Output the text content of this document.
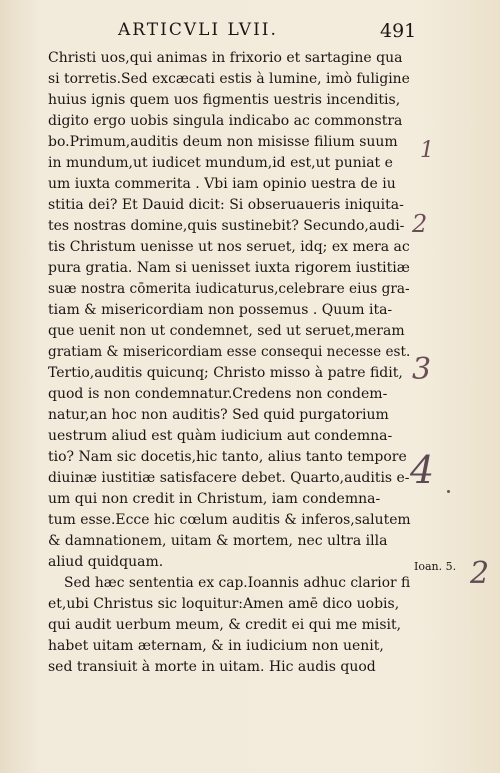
ARTICVLI LVII.	491
Christi uos,qui animas in frixorio et sartagine qua
si torretis.Sed excæcati estis à lumine, imò fuligine
huius ignis quem uos figmentis uestris incenditis,
digito ergo uobis singula indicabo ac commonstra
bo.Primum,auditis deum non misisse filium suum
in mundum,ut iudicet mundum,id est,ut puniat e
um iuxta commerita . Vbi iam opinio uestra de iu
stitia dei? Et Dauid dicit: Si obseruaueris iniquita-
tes nostras domine,quis sustinebit? Secundo,audi-
tis Christum uenisse ut nos seruet, idq; ex mera ac
pura gratia. Nam si uenisset iuxta rigorem iustitiæ
suæ nostra cōmerita iudicaturus,celebrare eius gra-
tiam & misericordiam non possemus . Quum ita-
que uenit non ut condemnet, sed ut seruet,meram
gratiam & misericordiam esse consequi necesse est.
Tertio,auditis quicunq; Christo misso à patre fidit,
quod is non condemnatur.Credens non condem-
natur,an hoc non auditis? Sed quid purgatorium
uestrum aliud est quàm iudicium aut condemna-
tio? Nam sic docetis,hic tanto, alius tanto tempore
diuinæ iustitiæ satisfacere debet. Quarto,auditis e-
um qui non credit in Christum, iam condemna-
tum esse.Ecce hic cœlum auditis & inferos,salutem
& damnationem, uitam & mortem, nec ultra illa
aliud quidquam.
Sed hæc sententia ex cap.Ioannis adhuc clarior fi
et,ubi Christus sic loquitur:Amen amē dico uobis,
qui audit uerbum meum, & credit ei qui me misit,
habet uitam æternam, & in iudicium non uenit,
sed transiuit à morte in uitam. Hic audis quod
1
2
3
4
Ioan. 5. 2
